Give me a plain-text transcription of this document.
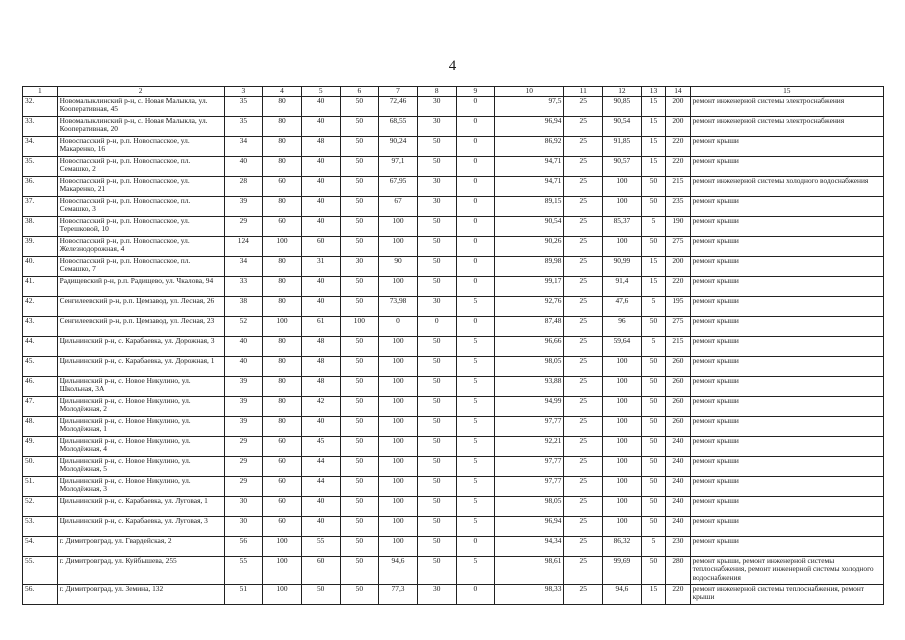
4
1	2	3	4	5	6	7	8	9	10	11	12	13	14	15
32.	Новомалыклинский р-н, с. Новая Малыкла, ул. Кооперативная, 45	35	80	40	50	72,46	30	0	97,5	25	90,85	15	200	ремонт инженерной системы электроснабжения
33.	Новомалыклинский р-н, с. Новая Малыкла, ул. Кооперативная, 20	35	80	40	50	68,55	30	0	96,94	25	90,54	15	200	ремонт инженерной системы электроснабжения
34.	Новоспасский р-н, р.п. Новоспасское, ул. Макаренко, 16	34	80	48	50	90,24	50	0	86,92	25	91,85	15	220	ремонт крыши
35.	Новоспасский р-н, р.п. Новоспасское, пл. Семашко, 2	40	80	40	50	97,1	50	0	94,71	25	90,57	15	220	ремонт крыши
36.	Новоспасский р-н, р.п. Новоспасское, ул. Макаренко, 21	28	60	40	50	67,95	30	0	94,71	25	100	50	215	ремонт инженерной системы холодного водоснабжения
37.	Новоспасский р-н, р.п. Новоспасское, пл. Семашко, 3	39	80	40	50	67	30	0	89,15	25	100	50	235	ремонт крыши
38.	Новоспасский р-н, р.п. Новоспасское, ул. Терешковой, 10	29	60	40	50	100	50	0	90,54	25	85,37	5	190	ремонт крыши
39.	Новоспасский р-н, р.п. Новоспасское, ул. Железнодорожная, 4	124	100	60	50	100	50	0	90,26	25	100	50	275	ремонт крыши
40.	Новоспасский р-н, р.п. Новоспасское, пл. Семашко, 7	34	80	31	30	90	50	0	89,98	25	90,99	15	200	ремонт крыши
41.	Радищевский р-н, р.п. Радищево, ул. Чкалова, 94	33	80	40	50	100	50	0	99,17	25	91,4	15	220	ремонт крыши
42.	Сенгилеевский р-н, р.п. Цемзавод, ул. Лесная, 26	38	80	40	50	73,98	30	5	92,76	25	47,6	5	195	ремонт крыши
43.	Сенгилеевский р-н, р.п. Цемзавод, ул. Лесная, 23	52	100	61	100	0	0	0	87,48	25	96	50	275	ремонт крыши
44.	Цильнинский р-н, с. Карабаевка, ул. Дорожная, 3	40	80	48	50	100	50	5	96,66	25	59,64	5	215	ремонт крыши
45.	Цильнинский р-н, с. Карабаевка, ул. Дорожная, 1	40	80	48	50	100	50	5	98,05	25	100	50	260	ремонт крыши
46.	Цильнинский р-н, с. Новое Никулино, ул. Школьная, 3А	39	80	48	50	100	50	5	93,88	25	100	50	260	ремонт крыши
47.	Цильнинский р-н, с. Новое Никулино, ул. Молодёжная, 2	39	80	42	50	100	50	5	94,99	25	100	50	260	ремонт крыши
48.	Цильнинский р-н, с. Новое Никулино, ул. Молодёжная, 1	39	80	40	50	100	50	5	97,77	25	100	50	260	ремонт крыши
49.	Цильнинский р-н, с. Новое Никулино, ул. Молодёжная, 4	29	60	45	50	100	50	5	92,21	25	100	50	240	ремонт крыши
50.	Цильнинский р-н, с. Новое Никулино, ул. Молодёжная, 5	29	60	44	50	100	50	5	97,77	25	100	50	240	ремонт крыши
51.	Цильнинский р-н, с. Новое Никулино, ул. Молодёжная, 3	29	60	44	50	100	50	5	97,77	25	100	50	240	ремонт крыши
52.	Цильнинский р-н, с. Карабаевка, ул. Луговая, 1	30	60	40	50	100	50	5	98,05	25	100	50	240	ремонт крыши
53.	Цильнинский р-н, с. Карабаевка, ул. Луговая, 3	30	60	40	50	100	50	5	96,94	25	100	50	240	ремонт крыши
54.	г. Димитровград, ул. Гвардейская, 2	56	100	55	50	100	50	0	94,34	25	86,32	5	230	ремонт крыши
55.	г. Димитровград, ул. Куйбышева, 255	55	100	60	50	94,6	50	5	98,61	25	99,69	50	280	ремонт крыши, ремонт инженерной системы теплоснабжения, ремонт инженерной системы холодного водоснабжения
56.	г. Димитровград, ул. Земина, 132	51	100	50	50	77,3	30	0	98,33	25	94,6	15	220	ремонт инженерной системы теплоснабжения, ремонт крыши
